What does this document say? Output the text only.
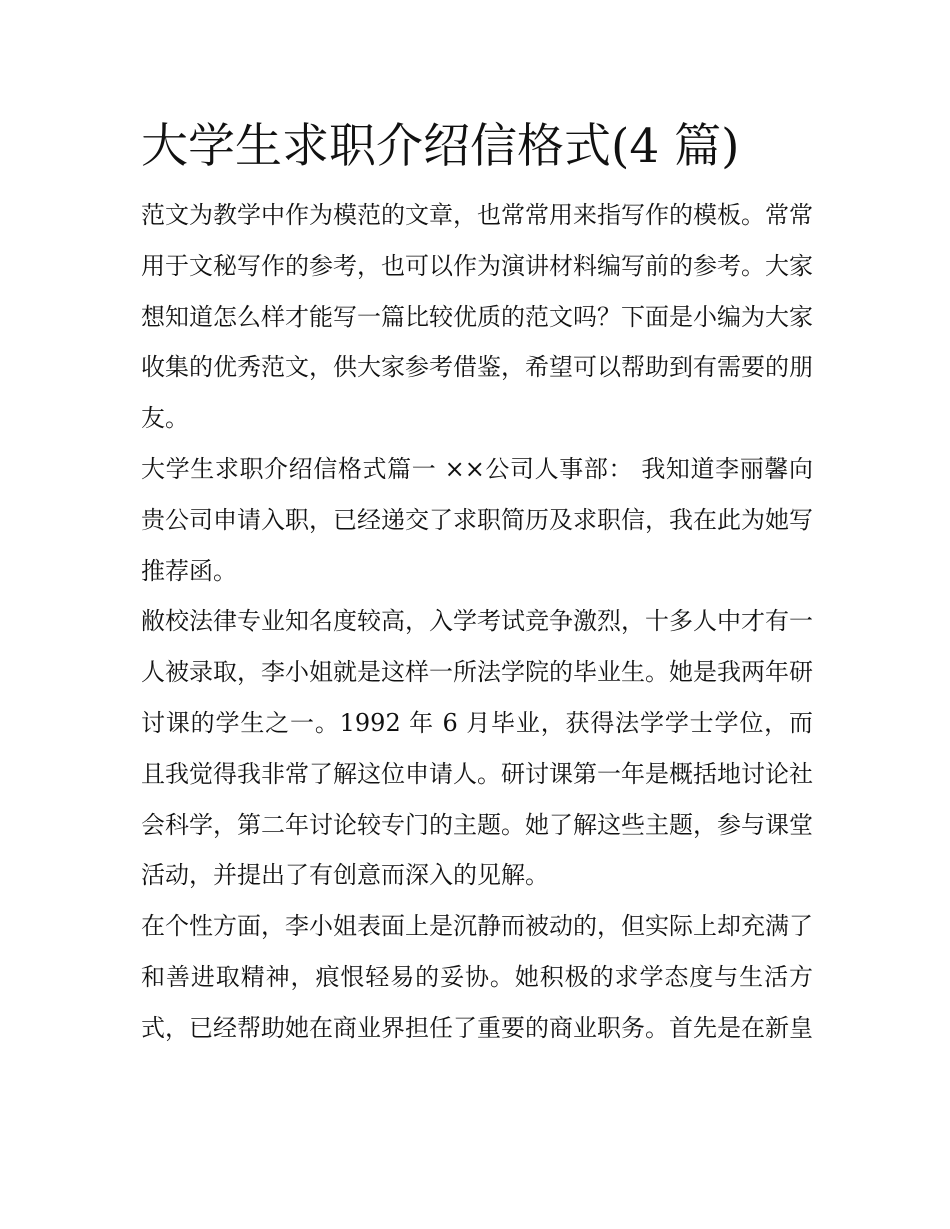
大学生求职介绍信格式(4 篇)

范文为教学中作为模范的文章，也常常用来指写作的模板。常常用于文秘写作的参考，也可以作为演讲材料编写前的参考。大家想知道怎么样才能写一篇比较优质的范文吗？下面是小编为大家收集的优秀范文，供大家参考借鉴，希望可以帮助到有需要的朋友。

大学生求职介绍信格式篇一 ××公司人事部： 我知道李丽馨向贵公司申请入职，已经递交了求职简历及求职信，我在此为她写推荐函。

敝校法律专业知名度较高，入学考试竞争激烈，十多人中才有一人被录取，李小姐就是这样一所法学院的毕业生。她是我两年研讨课的学生之一。1992 年 6 月毕业，获得法学学士学位，而且我觉得我非常了解这位申请人。研讨课第一年是概括地讨论社会科学，第二年讨论较专门的主题。她了解这些主题，参与课堂活动，并提出了有创意而深入的见解。

在个性方面，李小姐表面上是沉静而被动的，但实际上却充满了和善进取精神，痕恨轻易的妥协。她积极的求学态度与生活方式，已经帮助她在商业界担任了重要的商业职务。首先是在新皇
